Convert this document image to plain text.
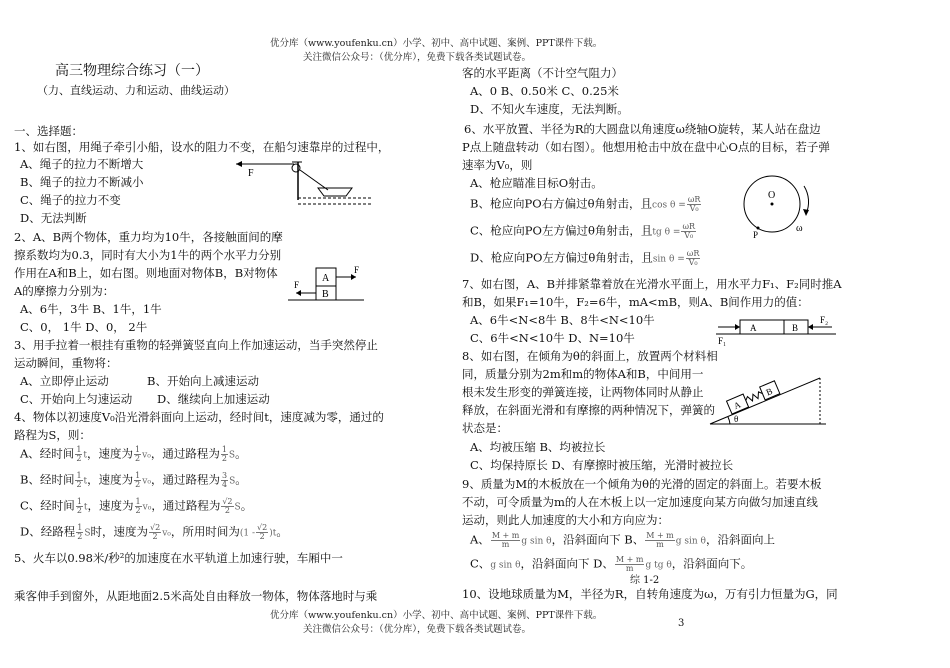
优分库（www.youfenku.cn）小学、初中、高中试题、案例、PPT课件下载。
关注微信公众号：（优分库），免费下载各类试题试卷。
高三物理综合练习（一）
（力、直线运动、力和运动、曲线运动）
一、选择题：
1、如右图，用绳子牵引小船，设水的阻力不变，在船匀速靠岸的过程中，
A、绳子的拉力不断增大
B、绳子的拉力不断减小
C、绳子的拉力不变
D、无法判断
F
2、A、B两个物体，重力均为10牛，各接触面间的摩
擦系数均为0.3，同时有大小为1牛的两个水平力分别
作用在A和B上，如右图。则地面对物体B，B对物体
A的摩擦力分别为：
A、6牛，3牛 B、1牛，1牛
C、0， 1牛 D、0， 2牛
A
B
F
F
3、用手拉着一根挂有重物的轻弹簧竖直向上作加速运动，当手突然停止
运动瞬间，重物将：
A、立即停止运动	B、开始向上减速运动
C、开始向上匀速运动 D、继续向上加速运动
4、物体以初速度V₀沿光滑斜面向上运动，经时间t，速度减为零，通过的
路程为S，则：
A、经时间 $\frac{1}{2}$ t，速度为 $\frac{1}{2} v_0$，通过路程为 $\frac{1}{2}$ S。
B、经时间 $\frac{1}{2}$ t，速度为 $\frac{1}{2} v_0$，通过路程为 $\frac{3}{4}$ S。
C、经时间 $\frac{1}{2}$ t，速度为 $\frac{1}{2} v_0$，通过路程为 $\frac{√2}{2}$ S。
D、经路程 $\frac{1}{2}$ S时，速度为 $\frac{√2}{2} v_0$，所用时间为$(1 - \frac{√2}{2} )t$。
5、火车以0.98米/秒²的加速度在水平轨道上加速行驶，车厢中一
乘客伸手到窗外，从距地面2.5米高处自由释放一物体，物体落地时与乘
客的水平距离（不计空气阻力）
A、0 B、0.50米 C、0.25米
D、不知火车速度，无法判断。
6、水平放置、半径为R的大圆盘以角速度ω绕轴O旋转，某人站在盘边
P点上随盘转动（如右图）。他想用枪击中放在盘中心O点的目标，若子弹
速率为V₀，则
A、枪应瞄准目标O射击。
B、枪应向PO右方偏过θ角射击，且$\cos \theta = \frac{\omega R}{\text{V₀}}$
C、枪应向PO左方偏过θ角射击，且tg $\theta = \frac{\omega R}{\text{V₀}}$
D、枪应向PO左方偏过θ角射击，且$\sin \theta = \frac{\omega R}{\text{V₀}}$
O
P
ω
7、如右图，A、B并排紧靠着放在光滑水平面上，用水平力F₁、F₂同时推A
和B，如果F₁=10牛，F₂=6牛，mA<mB，则A、B间作用力的值：
A、6牛<N<8牛 B、8牛<N<10牛
C、6牛<N<10牛 D、N=10牛	F₁
A	B
F₂
8、如右图，在倾角为θ的斜面上，放置两个材料相
同，质量分别为2m和m的物体A和B，中间用一
根未发生形变的弹簧连接，让两物体同时从静止
释放，在斜面光滑和有摩擦的两种情况下，弹簧的
状态是：
A、均被压缩 B、均被拉长
C、均保持原长 D、有摩擦时被压缩，光滑时被拉长
A
B
θ
9、质量为M的木板放在一个倾角为θ的光滑的固定的斜面上。若要木板
不动，可令质量为m的人在木板上以一定加速度向某方向做匀加速直线
运动，则此人加速度的大小和方向应为：
A、 $\frac{M + m}{m}$ g sin θ，沿斜面向下 B、 $\frac{M + m}{m}$ g sin θ，沿斜面向上
C、g sin θ，沿斜面向下 D、 $\frac{M + m}{m}$ g tg θ，沿斜面向下。
综 1-2
10、设地球质量为M，半径为R，自转角速度为ω，万有引力恒量为G，同
优分库（www.youfenku.cn）小学、初中、高中试题、案例、PPT课件下载。
关注微信公众号：（优分库），免费下载各类试题试卷。
3
